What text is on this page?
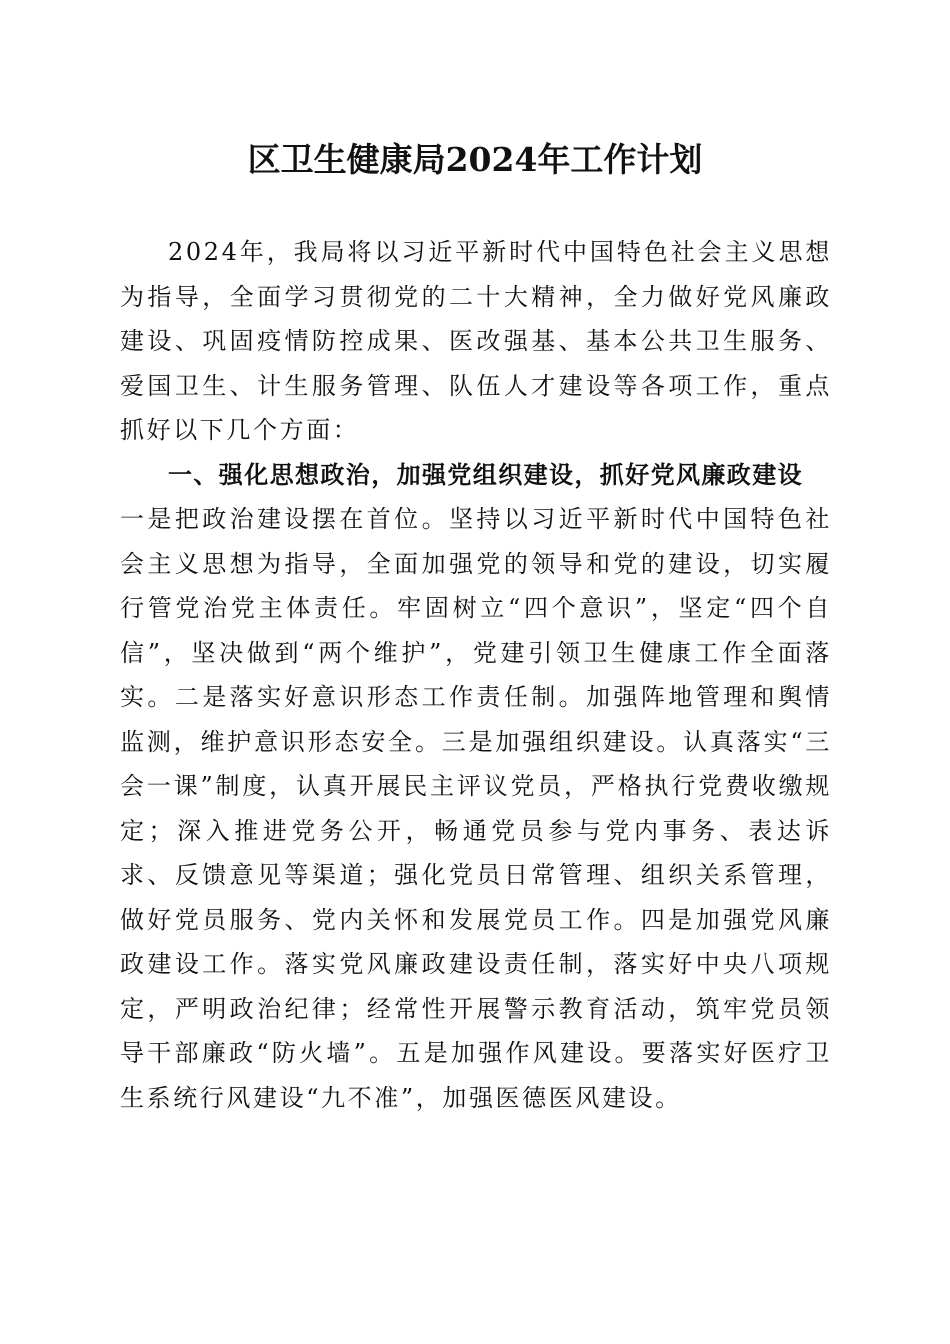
区卫生健康局2024年工作计划

2024年，我局将以习近平新时代中国特色社会主义思想为指导，全面学习贯彻党的二十大精神，全力做好党风廉政建设、巩固疫情防控成果、医改强基、基本公共卫生服务、爱国卫生、计生服务管理、队伍人才建设等各项工作，重点抓好以下几个方面：

一、强化思想政治，加强党组织建设，抓好党风廉政建设

一是把政治建设摆在首位。坚持以习近平新时代中国特色社会主义思想为指导，全面加强党的领导和党的建设，切实履行管党治党主体责任。牢固树立“四个意识”，坚定“四个自信”，坚决做到“两个维护”，党建引领卫生健康工作全面落实。二是落实好意识形态工作责任制。加强阵地管理和舆情监测，维护意识形态安全。三是加强组织建设。认真落实“三会一课”制度，认真开展民主评议党员，严格执行党费收缴规定；深入推进党务公开，畅通党员参与党内事务、表达诉求、反馈意见等渠道；强化党员日常管理、组织关系管理，做好党员服务、党内关怀和发展党员工作。四是加强党风廉政建设工作。落实党风廉政建设责任制，落实好中央八项规定，严明政治纪律；经常性开展警示教育活动，筑牢党员领导干部廉政“防火墙”。五是加强作风建设。要落实好医疗卫生系统行风建设“九不准”，加强医德医风建设。
